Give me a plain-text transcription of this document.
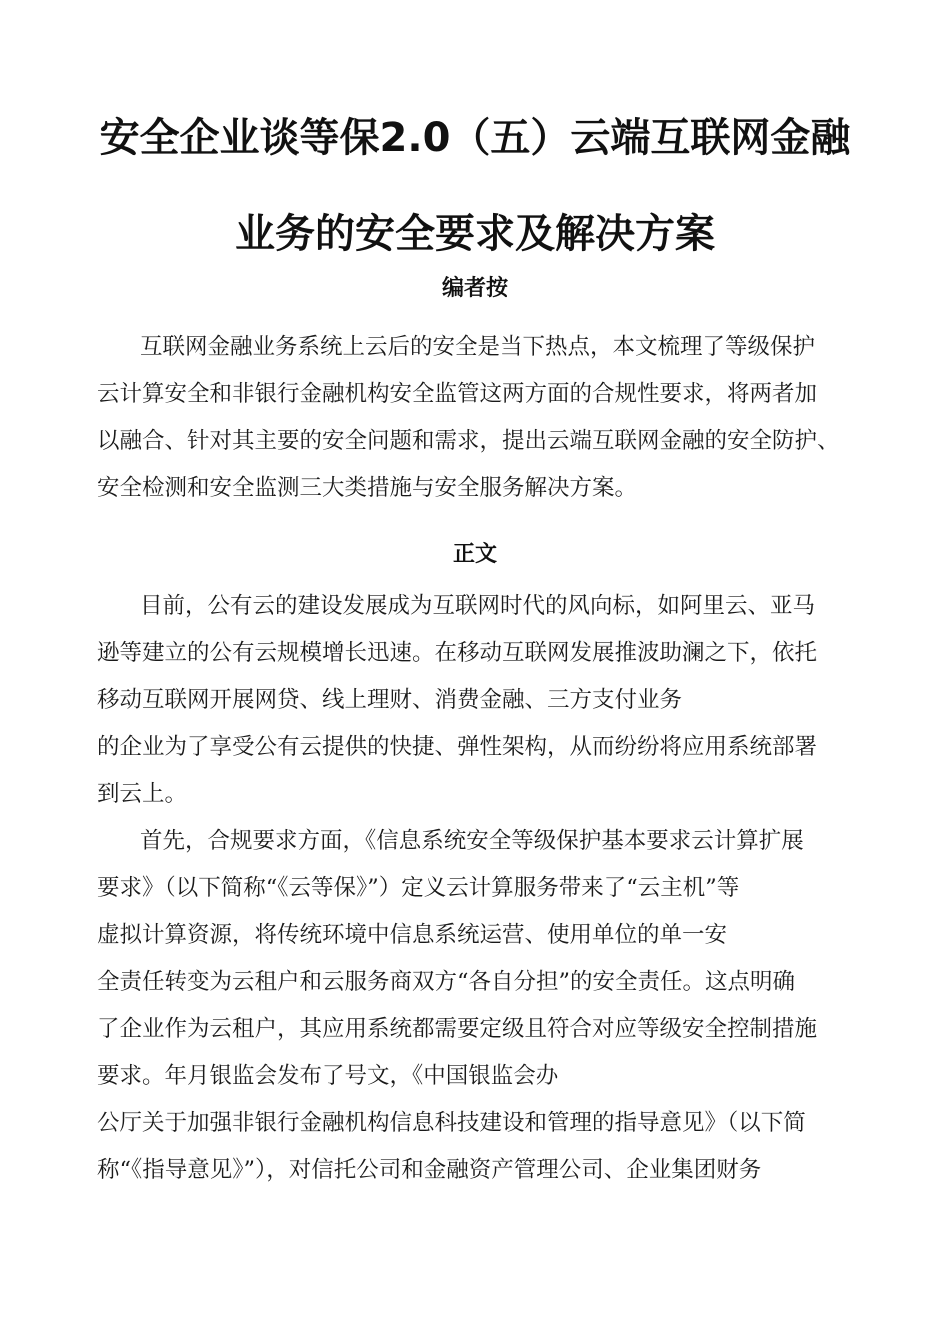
安全企业谈等保2.0（五）云端互联网金融
业务的安全要求及解决方案
编者按
互联网金融业务系统上云后的安全是当下热点，本文梳理了等级保护
云计算安全和非银行金融机构安全监管这两方面的合规性要求，将两者加
以融合、针对其主要的安全问题和需求，提出云端互联网金融的安全防护、
安全检测和安全监测三大类措施与安全服务解决方案。
正文
目前，公有云的建设发展成为互联网时代的风向标，如阿里云、亚马
逊等建立的公有云规模增长迅速。在移动互联网发展推波助澜之下，依托
移动互联网开展网贷、线上理财、消费金融、三方支付业务
的企业为了享受公有云提供的快捷、弹性架构，从而纷纷将应用系统部署
到云上。
首先，合规要求方面，《信息系统安全等级保护基本要求云计算扩展
要求》（以下简称“《云等保》”）定义云计算服务带来了“云主机”等
虚拟计算资源，将传统环境中信息系统运营、使用单位的单一安
全责任转变为云租户和云服务商双方“各自分担”的安全责任。这点明确
了企业作为云租户，其应用系统都需要定级且符合对应等级安全控制措施
要求。年月银监会发布了号文，《中国银监会办
公厅关于加强非银行金融机构信息科技建设和管理的指导意见》（以下简
称“《指导意见》”），对信托公司和金融资产管理公司、企业集团财务
